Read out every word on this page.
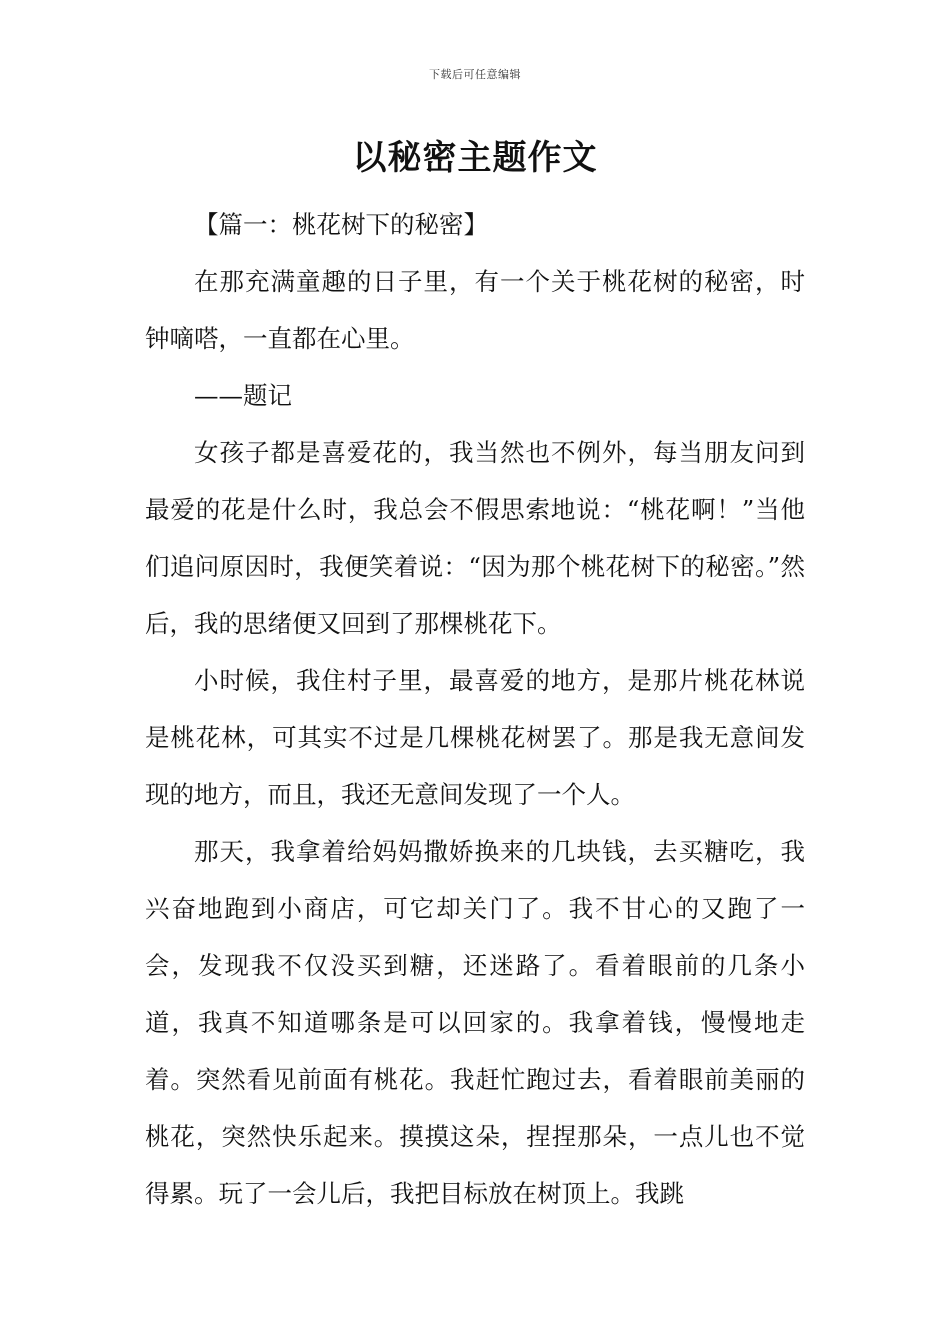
下载后可任意编辑
以秘密主题作文

【篇一：桃花树下的秘密】

在那充满童趣的日子里，有一个关于桃花树的秘密，时钟嘀嗒，一直都在心里。

——题记

女孩子都是喜爱花的，我当然也不例外，每当朋友问到最爱的花是什么时，我总会不假思索地说：“桃花啊！”当他们追问原因时，我便笑着说：“因为那个桃花树下的秘密。”然后，我的思绪便又回到了那棵桃花下。

小时候，我住村子里，最喜爱的地方，是那片桃花林说是桃花林，可其实不过是几棵桃花树罢了。那是我无意间发现的地方，而且，我还无意间发现了一个人。

那天，我拿着给妈妈撒娇换来的几块钱，去买糖吃，我兴奋地跑到小商店，可它却关门了。我不甘心的又跑了一会，发现我不仅没买到糖，还迷路了。看着眼前的几条小道，我真不知道哪条是可以回家的。我拿着钱，慢慢地走着。突然看见前面有桃花。我赶忙跑过去，看着眼前美丽的桃花，突然快乐起来。摸摸这朵，捏捏那朵，一点儿也不觉得累。玩了一会儿后，我把目标放在树顶上。我跳
